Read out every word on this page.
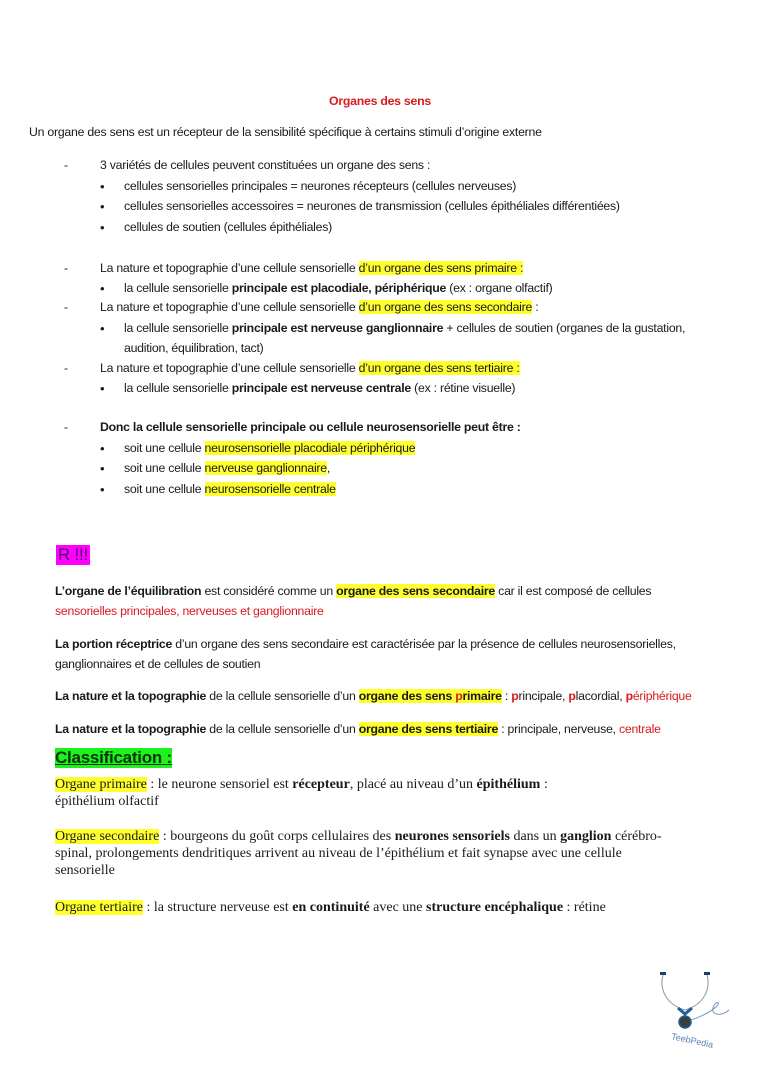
Organes des sens
Un organe des sens est un récepteur de la sensibilité spécifique à certains stimuli d’origine externe
-	3 variétés de cellules peuvent constituées un organe des sens :
• cellules sensorielles principales = neurones récepteurs (cellules nerveuses)
• cellules sensorielles accessoires = neurones de transmission (cellules épithéliales différentiées)
• cellules de soutien (cellules épithéliales)
-	La nature et topographie d’une cellule sensorielle d’un organe des sens primaire :
• la cellule sensorielle principale est placodiale, périphérique (ex : organe olfactif)
-	La nature et topographie d’une cellule sensorielle d’un organe des sens secondaire :
• la cellule sensorielle principale est nerveuse ganglionnaire + cellules de soutien (organes de la gustation,
audition, équilibration, tact)
-	La nature et topographie d’une cellule sensorielle d’un organe des sens tertiaire :
• la cellule sensorielle principale est nerveuse centrale (ex : rétine visuelle)
-	Donc la cellule sensorielle principale ou cellule neurosensorielle peut être :
• soit une cellule neurosensorielle placodiale périphérique
• soit une cellule nerveuse ganglionnaire,
• soit une cellule neurosensorielle centrale
R !!!
L’organe de l’équilibration est considéré comme un organe des sens secondaire car il est composé de cellules
sensorielles principales, nerveuses et ganglionnaire
La portion réceptrice d’un organe des sens secondaire est caractérisée par la présence de cellules neurosensorielles,
ganglionnaires et de cellules de soutien
La nature et la topographie de la cellule sensorielle d’un organe des sens primaire : principale, placordial, périphérique
La nature et la topographie de la cellule sensorielle d’un organe des sens tertiaire : principale, nerveuse, centrale
Classification :
Organe primaire : le neurone sensoriel est récepteur, placé au niveau d’un épithélium :
épithélium olfactif
Organe secondaire : bourgeons du goût corps cellulaires des neurones sensoriels dans un ganglion cérébro-
spinal, prolongements dendritiques arrivent au niveau de l’épithélium et fait synapse avec une cellule
sensorielle
Organe tertiaire : la structure nerveuse est en continuité avec une structure encéphalique : rétine
TeebPedia
